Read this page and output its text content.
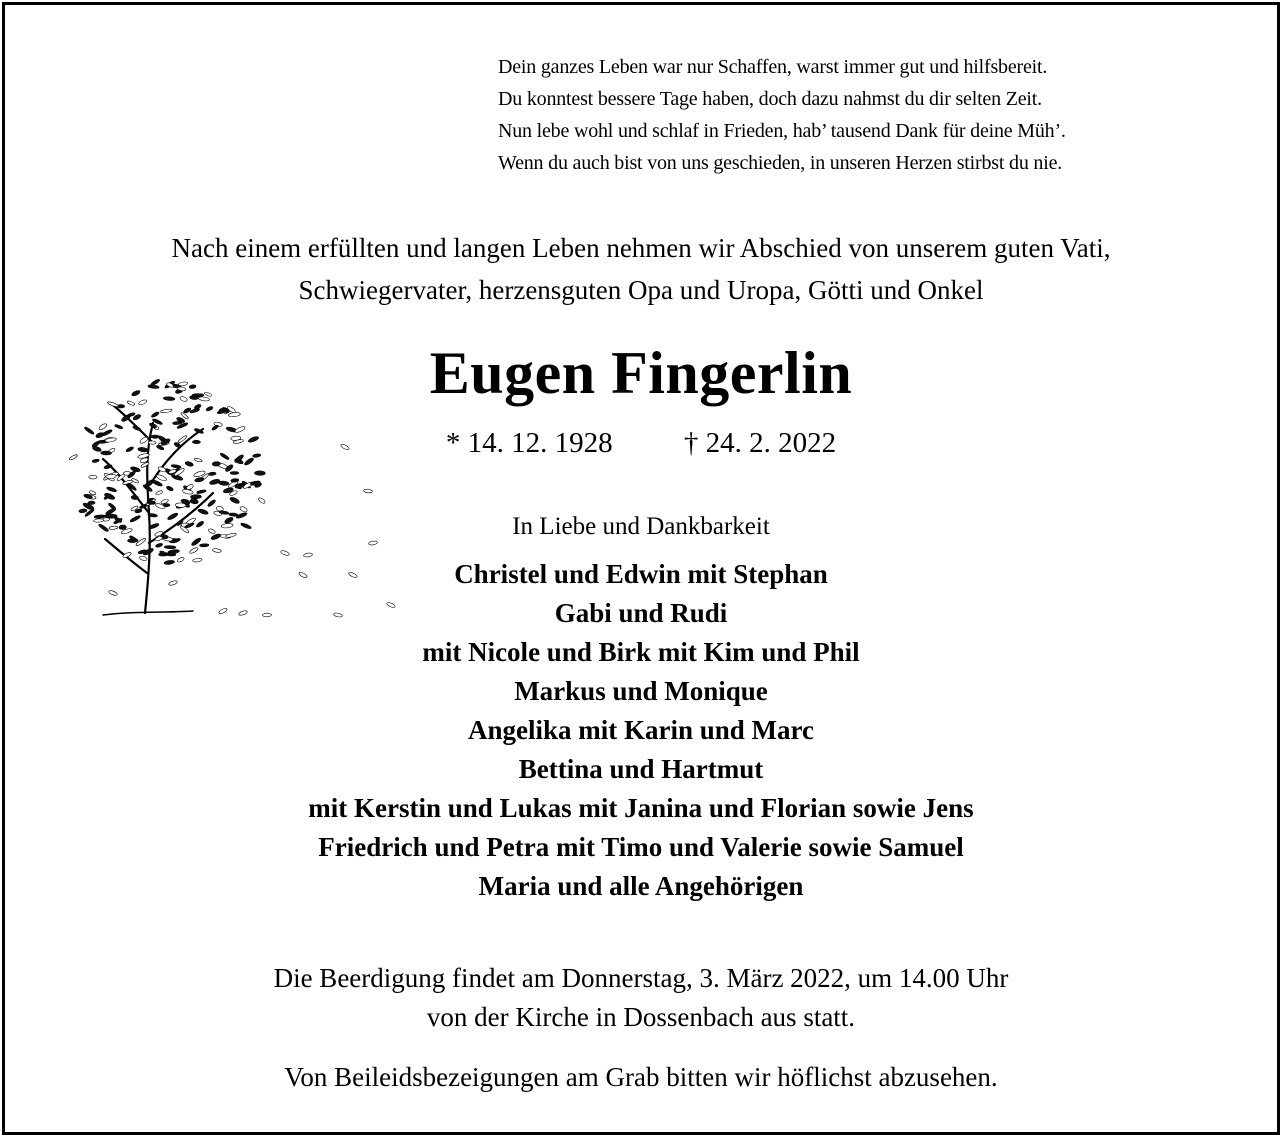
Dein ganzes Leben war nur Schaffen, warst immer gut und hilfsbereit.
Du konntest bessere Tage haben, doch dazu nahmst du dir selten Zeit.
Nun lebe wohl und schlaf in Frieden, hab’ tausend Dank für deine Müh’.
Wenn du auch bist von uns geschieden, in unseren Herzen stirbst du nie.
Nach einem erfüllten und langen Leben nehmen wir Abschied von unserem guten Vati,
Schwiegervater, herzensguten Opa und Uropa, Götti und Onkel
Eugen Fingerlin
* 14. 12. 1928 † 24. 2. 2022
In Liebe und Dankbarkeit
Christel und Edwin mit Stephan
Gabi und Rudi
mit Nicole und Birk mit Kim und Phil
Markus und Monique
Angelika mit Karin und Marc
Bettina und Hartmut
mit Kerstin und Lukas mit Janina und Florian sowie Jens
Friedrich und Petra mit Timo und Valerie sowie Samuel
Maria und alle Angehörigen
Die Beerdigung findet am Donnerstag, 3. März 2022, um 14.00 Uhr
von der Kirche in Dossenbach aus statt.
Von Beileidsbezeigungen am Grab bitten wir höflichst abzusehen.
